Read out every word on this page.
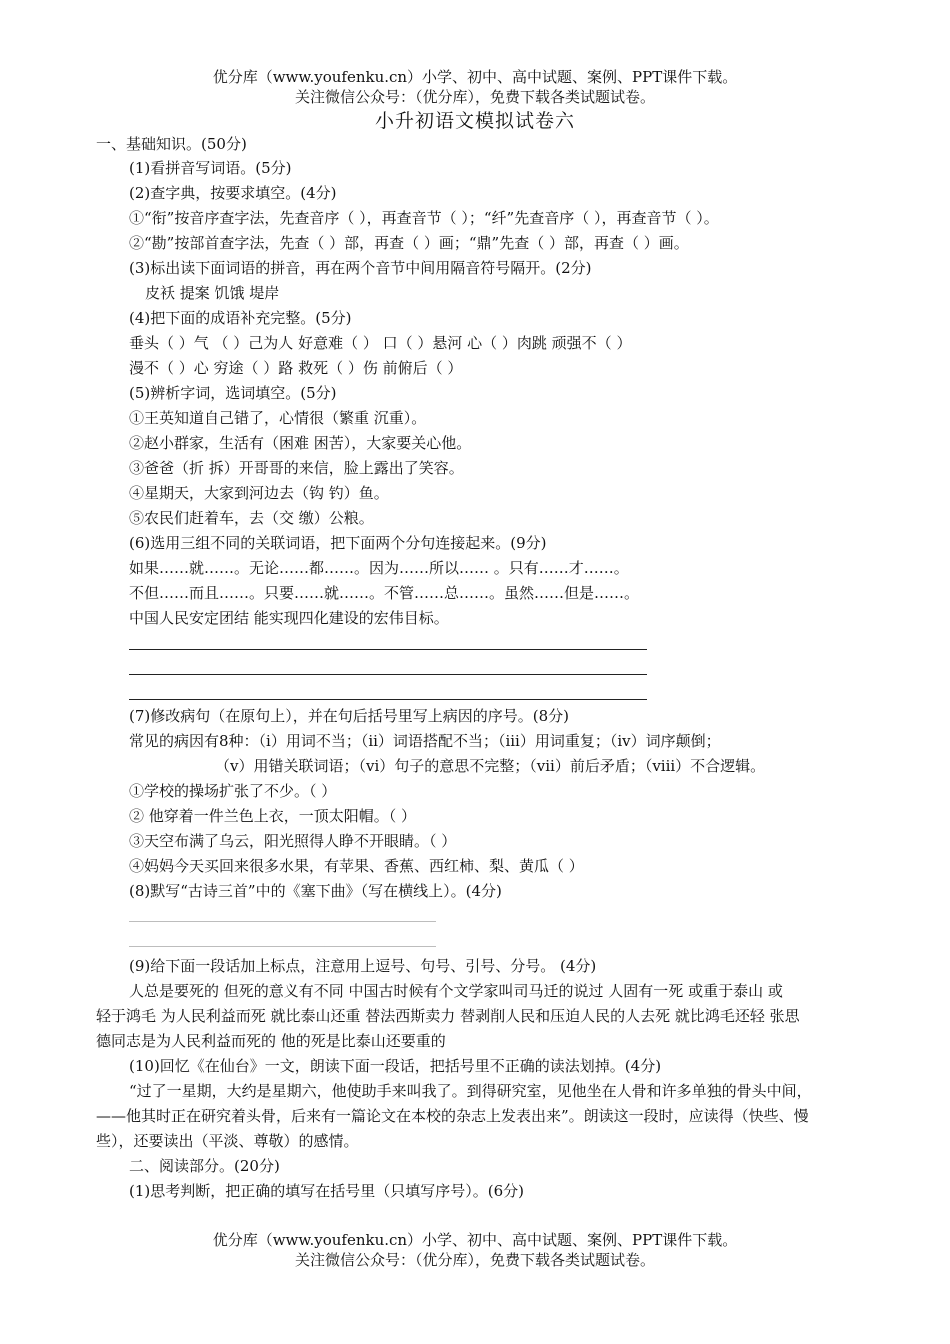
优分库（www.youfenku.cn）小学、初中、高中试题、案例、PPT课件下载。
关注微信公众号：（优分库），免费下载各类试题试卷。
小升初语文模拟试卷六
一、基础知识。(50分)
(1)看拼音写词语。(5分)
(2)查字典，按要求填空。(4分)
①“衔”按音序查字法，先查音序（ ），再查音节（ ）；“纤”先查音序（ ），再查音节（ ）。
②“勘”按部首查字法，先查（ ）部，再查（ ）画；“鼎”先查（ ）部，再查（ ）画。
(3)标出读下面词语的拼音，再在两个音节中间用隔音符号隔开。(2分)
皮袄 提案 饥饿 堤岸
(4)把下面的成语补充完整。(5分)
垂头（ ）气 （ ）己为人 好意难（ ） 口（ ）悬河 心（ ）肉跳 顽强不（ ）
漫不（ ）心 穷途（ ）路 救死（ ）伤 前俯后（ ）
(5)辨析字词，选词填空。(5分)
①王英知道自己错了，心情很（繁重 沉重）。
②赵小群家，生活有（困难 困苦），大家要关心他。
③爸爸（折 拆）开哥哥的来信，脸上露出了笑容。
④星期天，大家到河边去（钩 钓）鱼。
⑤农民们赶着车，去（交 缴）公粮。
(6)选用三组不同的关联词语，把下面两个分句连接起来。(9分)
如果……就……。无论……都……。因为……所以…… 。只有……才……。
不但……而且……。只要……就……。不管……总……。虽然……但是……。
中国人民安定团结 能实现四化建设的宏伟目标。
(7)修改病句（在原句上），并在句后括号里写上病因的序号。(8分)
常见的病因有8种：（i）用词不当；（ii）词语搭配不当；（iii）用词重复；（iv）词序颠倒；
（v）用错关联词语；（vi）句子的意思不完整；（vii）前后矛盾；（viii）不合逻辑。
①学校的操场扩张了不少。（ ）
② 他穿着一件兰色上衣，一顶太阳帽。（ ）
③天空布满了乌云，阳光照得人睁不开眼睛。（ ）
④妈妈今天买回来很多水果，有苹果、香蕉、西红柿、梨、黄瓜（ ）
(8)默写“古诗三首”中的《塞下曲》（写在横线上）。(4分)
(9)给下面一段话加上标点，注意用上逗号、句号、引号、分号。 (4分)
人总是要死的 但死的意义有不同 中国古时候有个文学家叫司马迁的说过 人固有一死 或重于泰山 或
轻于鸿毛 为人民利益而死 就比泰山还重 替法西斯卖力 替剥削人民和压迫人民的人去死 就比鸿毛还轻 张思
德同志是为人民利益而死的 他的死是比泰山还要重的
(10)回忆《在仙台》一文，朗读下面一段话，把括号里不正确的读法划掉。(4分)
“过了一星期，大约是星期六，他使助手来叫我了。到得研究室，见他坐在人骨和许多单独的骨头中间，
——他其时正在研究着头骨，后来有一篇论文在本校的杂志上发表出来”。朗读这一段时，应读得（快些、慢
些），还要读出（平淡、尊敬）的感情。
二、阅读部分。(20分)
(1)思考判断，把正确的填写在括号里（只填写序号）。(6分)
优分库（www.youfenku.cn）小学、初中、高中试题、案例、PPT课件下载。
关注微信公众号：（优分库），免费下载各类试题试卷。
